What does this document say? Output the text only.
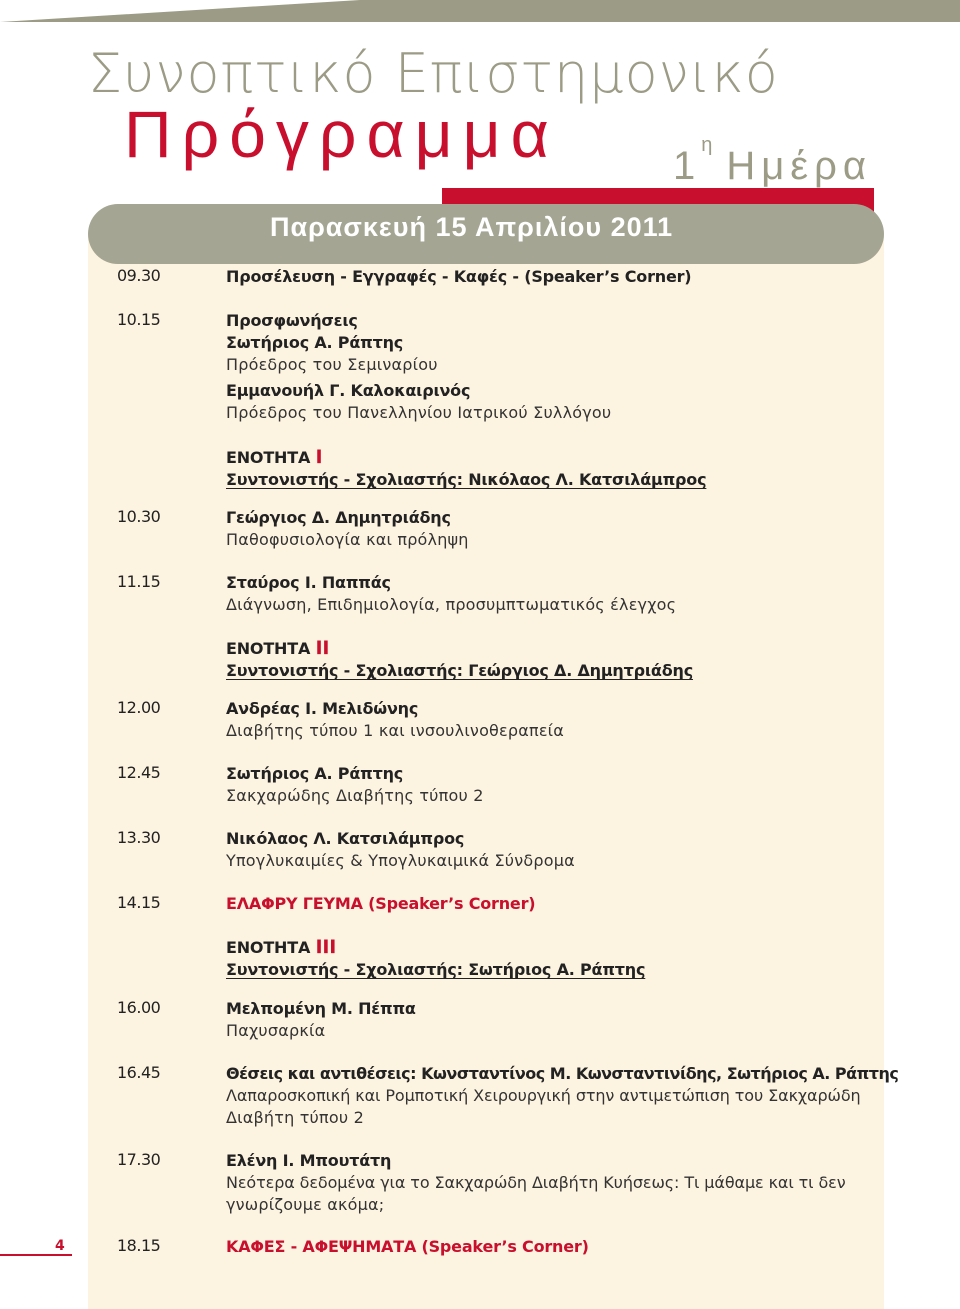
Συνοπτικό Επιστημονικό
Πρόγραμμα	$1^\eta$ Ημέρα
Παρασκευή 15 Απριλίου 2011
09.30	Προσέλευση - Εγγραφές - Καφές - (Speaker’s Corner)
10.15	Προσφωνήσεις
Σωτήριος Α. Ράπτης
Πρόεδρος του Σεμιναρίου
Εμμανουήλ Γ. Καλοκαιρινός
Πρόεδρος του Πανελληνίου Ιατρικού Συλλόγου
ΕΝΟΤΗΤΑ Ι
Συντονιστής - Σχολιαστής: Νικόλαος Λ. Κατσιλάμπρος
10.30	Γεώργιος Δ. Δημητριάδης
Παθοφυσιολογία και πρόληψη
11.15	Σταύρος Ι. Παππάς
Διάγνωση, Επιδημιολογία, προσυμπτωματικός έλεγχος
ΕΝΟΤΗΤΑ ΙΙ
Συντονιστής - Σχολιαστής: Γεώργιος Δ. Δημητριάδης
12.00	Ανδρέας Ι. Μελιδώνης
Διαβήτης τύπου 1 και ινσουλινοθεραπεία
12.45	Σωτήριος Α. Ράπτης
Σακχαρώδης Διαβήτης τύπου 2
13.30	Νικόλαος Λ. Κατσιλάμπρος
Υπογλυκαιμίες & Υπογλυκαιμικά Σύνδρομα
14.15	ΕΛΑΦΡΥ ΓΕΥΜΑ (Speaker’s Corner)
ΕΝΟΤΗΤΑ ΙΙΙ
Συντονιστής - Σχολιαστής: Σωτήριος Α. Ράπτης
16.00	Μελπομένη Μ. Πέππα
Παχυσαρκία
16.45	Θέσεις και αντιθέσεις: Κωνσταντίνος Μ. Κωνσταντινίδης, Σωτήριος Α. Ράπτης
Λαπαροσκοπική και Ρομποτική Χειρουργική στην αντιμετώπιση του Σακχαρώδη
Διαβήτη τύπου 2
17.30	Ελένη Ι. Μπουτάτη
Νεότερα δεδομένα για το Σακχαρώδη Διαβήτη Κυήσεως: Τι μάθαμε και τι δεν
γνωρίζουμε ακόμα;
18.15	ΚΑΦΕΣ - ΑΦΕΨΗΜΑΤΑ (Speaker’s Corner)
4
